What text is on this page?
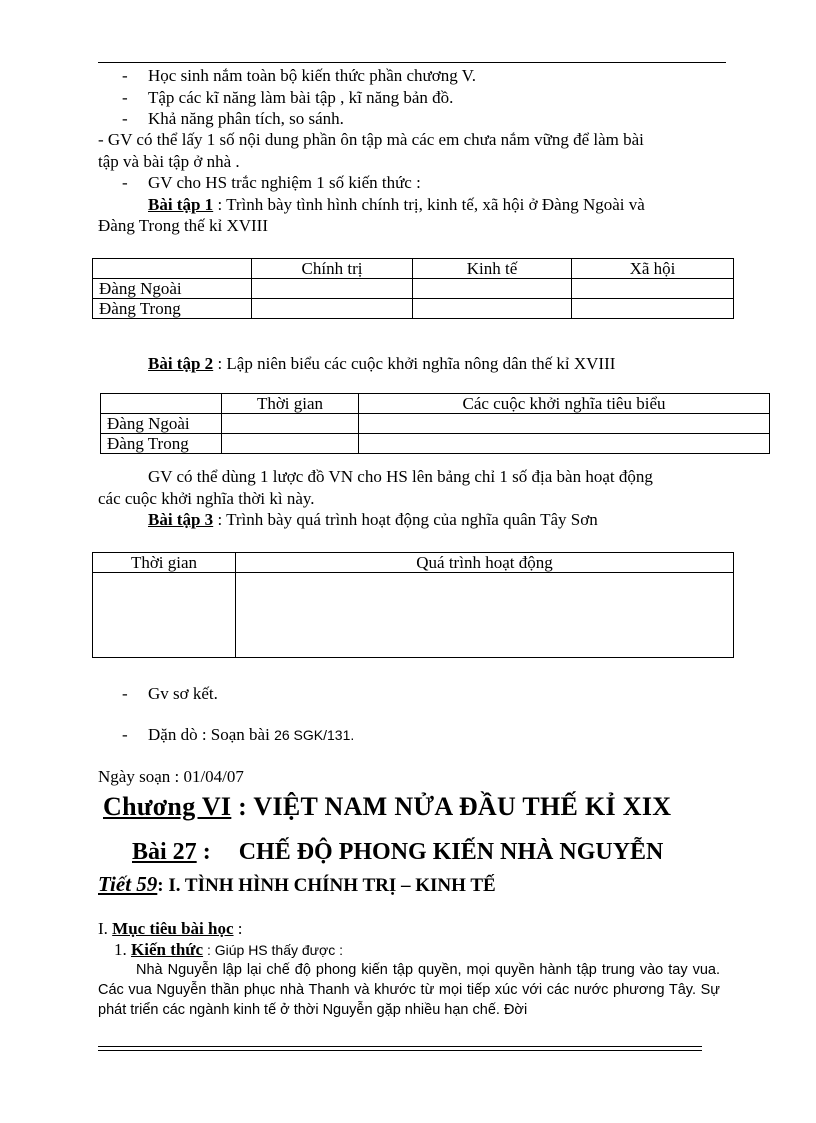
- Học sinh nắm toàn bộ kiến thức phần chương V.
- Tập các kĩ năng làm bài tập , kĩ năng bản đồ.
- Khả năng phân tích, so sánh.
- GV có thể lấy 1 số nội dung phần ôn tập mà các em chưa nắm vững để làm bài
tập và bài tập ở nhà .
- GV cho HS trắc nghiệm 1 số kiến thức :
Bài tập 1 : Trình bày tình hình chính trị, kinh tế, xã hội ở Đàng Ngoài và
Đàng Trong thế kỉ XVIII
	Chính trị	Kinh tế	Xã hội
Đàng Ngoài			
Đàng Trong			
Bài tập 2 : Lập niên biểu các cuộc khởi nghĩa nông dân thế kỉ XVIII
	Thời gian	Các cuộc khởi nghĩa tiêu biểu
Đàng Ngoài		
Đàng Trong		
GV có thể dùng 1 lược đồ VN cho HS lên bảng chỉ 1 số địa bàn hoạt động
các cuộc khởi nghĩa thời kì này.
Bài tập 3 : Trình bày quá trình hoạt động của nghĩa quân Tây Sơn
Thời gian	Quá trình hoạt động

- Gv sơ kết.
- Dặn dò : Soạn bài 26 SGK/131.
Ngày soạn : 01/04/07
Chương VI : VIỆT NAM NỬA ĐẦU THẾ KỈ XIX
Bài 27 : CHẾ ĐỘ PHONG KIẾN NHÀ NGUYỄN
Tiết 59: I. TÌNH HÌNH CHÍNH TRỊ – KINH TẾ
I. Mục tiêu bài học :
1. Kiến thức : Giúp HS thấy được :
Nhà Nguyễn lập lại chế độ phong kiến tập quyền, mọi quyền hành tập trung vào tay vua. Các vua Nguyễn thần phục nhà Thanh và khước từ mọi tiếp xúc với các nước phương Tây. Sự phát triển các ngành kinh tế ở thời Nguyễn gặp nhiều hạn chế. Đời
